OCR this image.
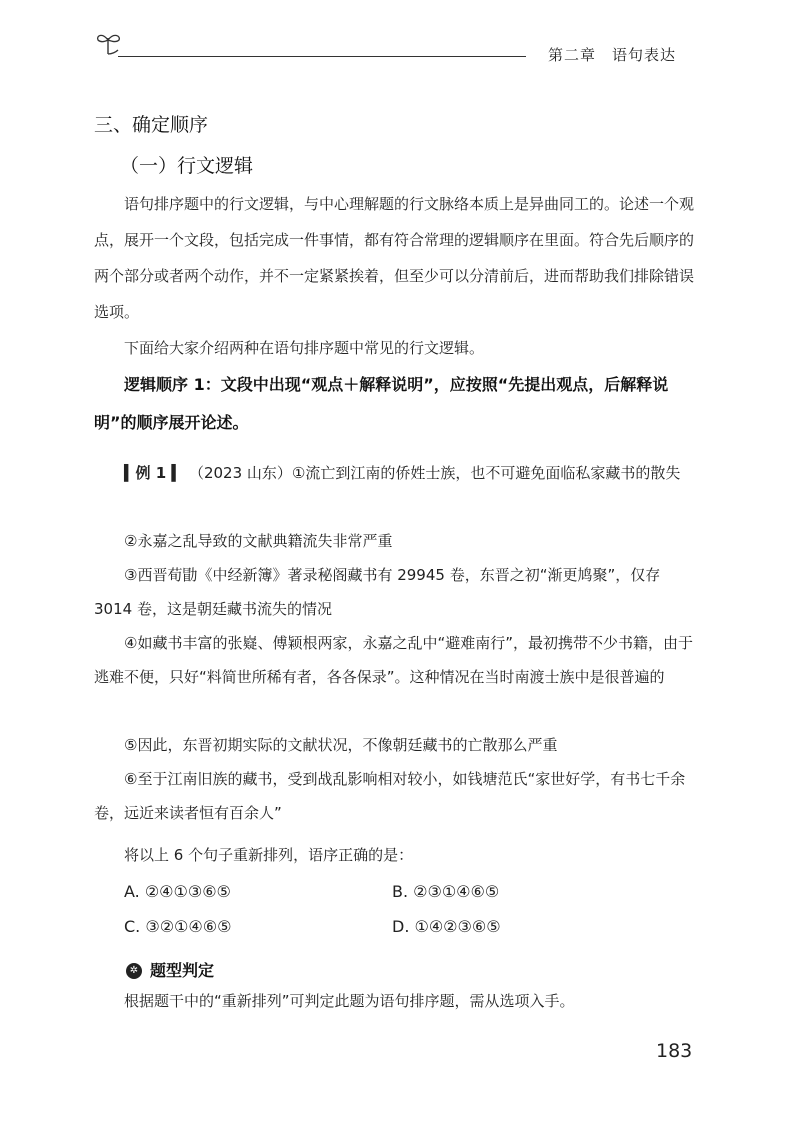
第二章　语句表达
三、确定顺序
（一）行文逻辑
语句排序题中的行文逻辑，与中心理解题的行文脉络本质上是异曲同工的。论述一个观点，展开一个文段，包括完成一件事情，都有符合常理的逻辑顺序在里面。符合先后顺序的两个部分或者两个动作，并不一定紧紧挨着，但至少可以分清前后，进而帮助我们排除错误选项。
下面给大家介绍两种在语句排序题中常见的行文逻辑。
逻辑顺序 1：文段中出现“观点＋解释说明”，应按照“先提出观点，后解释说明”的顺序展开论述。
▍例 1 ▍ （2023 山东）①流亡到江南的侨姓士族，也不可避免面临私家藏书的散失
②永嘉之乱导致的文献典籍流失非常严重
③西晋荀勖《中经新簿》著录秘阁藏书有 29945 卷，东晋之初“渐更鸠聚”，仅存 3014 卷，这是朝廷藏书流失的情况
④如藏书丰富的张嶷、傅颖根两家，永嘉之乱中“避难南行”，最初携带不少书籍，由于逃难不便，只好“料简世所稀有者，各各保录”。这种情况在当时南渡士族中是很普遍的
⑤因此，东晋初期实际的文献状况，不像朝廷藏书的亡散那么严重
⑥至于江南旧族的藏书，受到战乱影响相对较小，如钱塘范氏“家世好学，有书七千余卷，远近来读者恒有百余人”
将以上 6 个句子重新排列，语序正确的是：
A. ②④①③⑥⑤	B. ②③①④⑥⑤
C. ③②①④⑥⑤	D. ①④②③⑥⑤
✲ 题型判定
根据题干中的“重新排列”可判定此题为语句排序题，需从选项入手。
183
